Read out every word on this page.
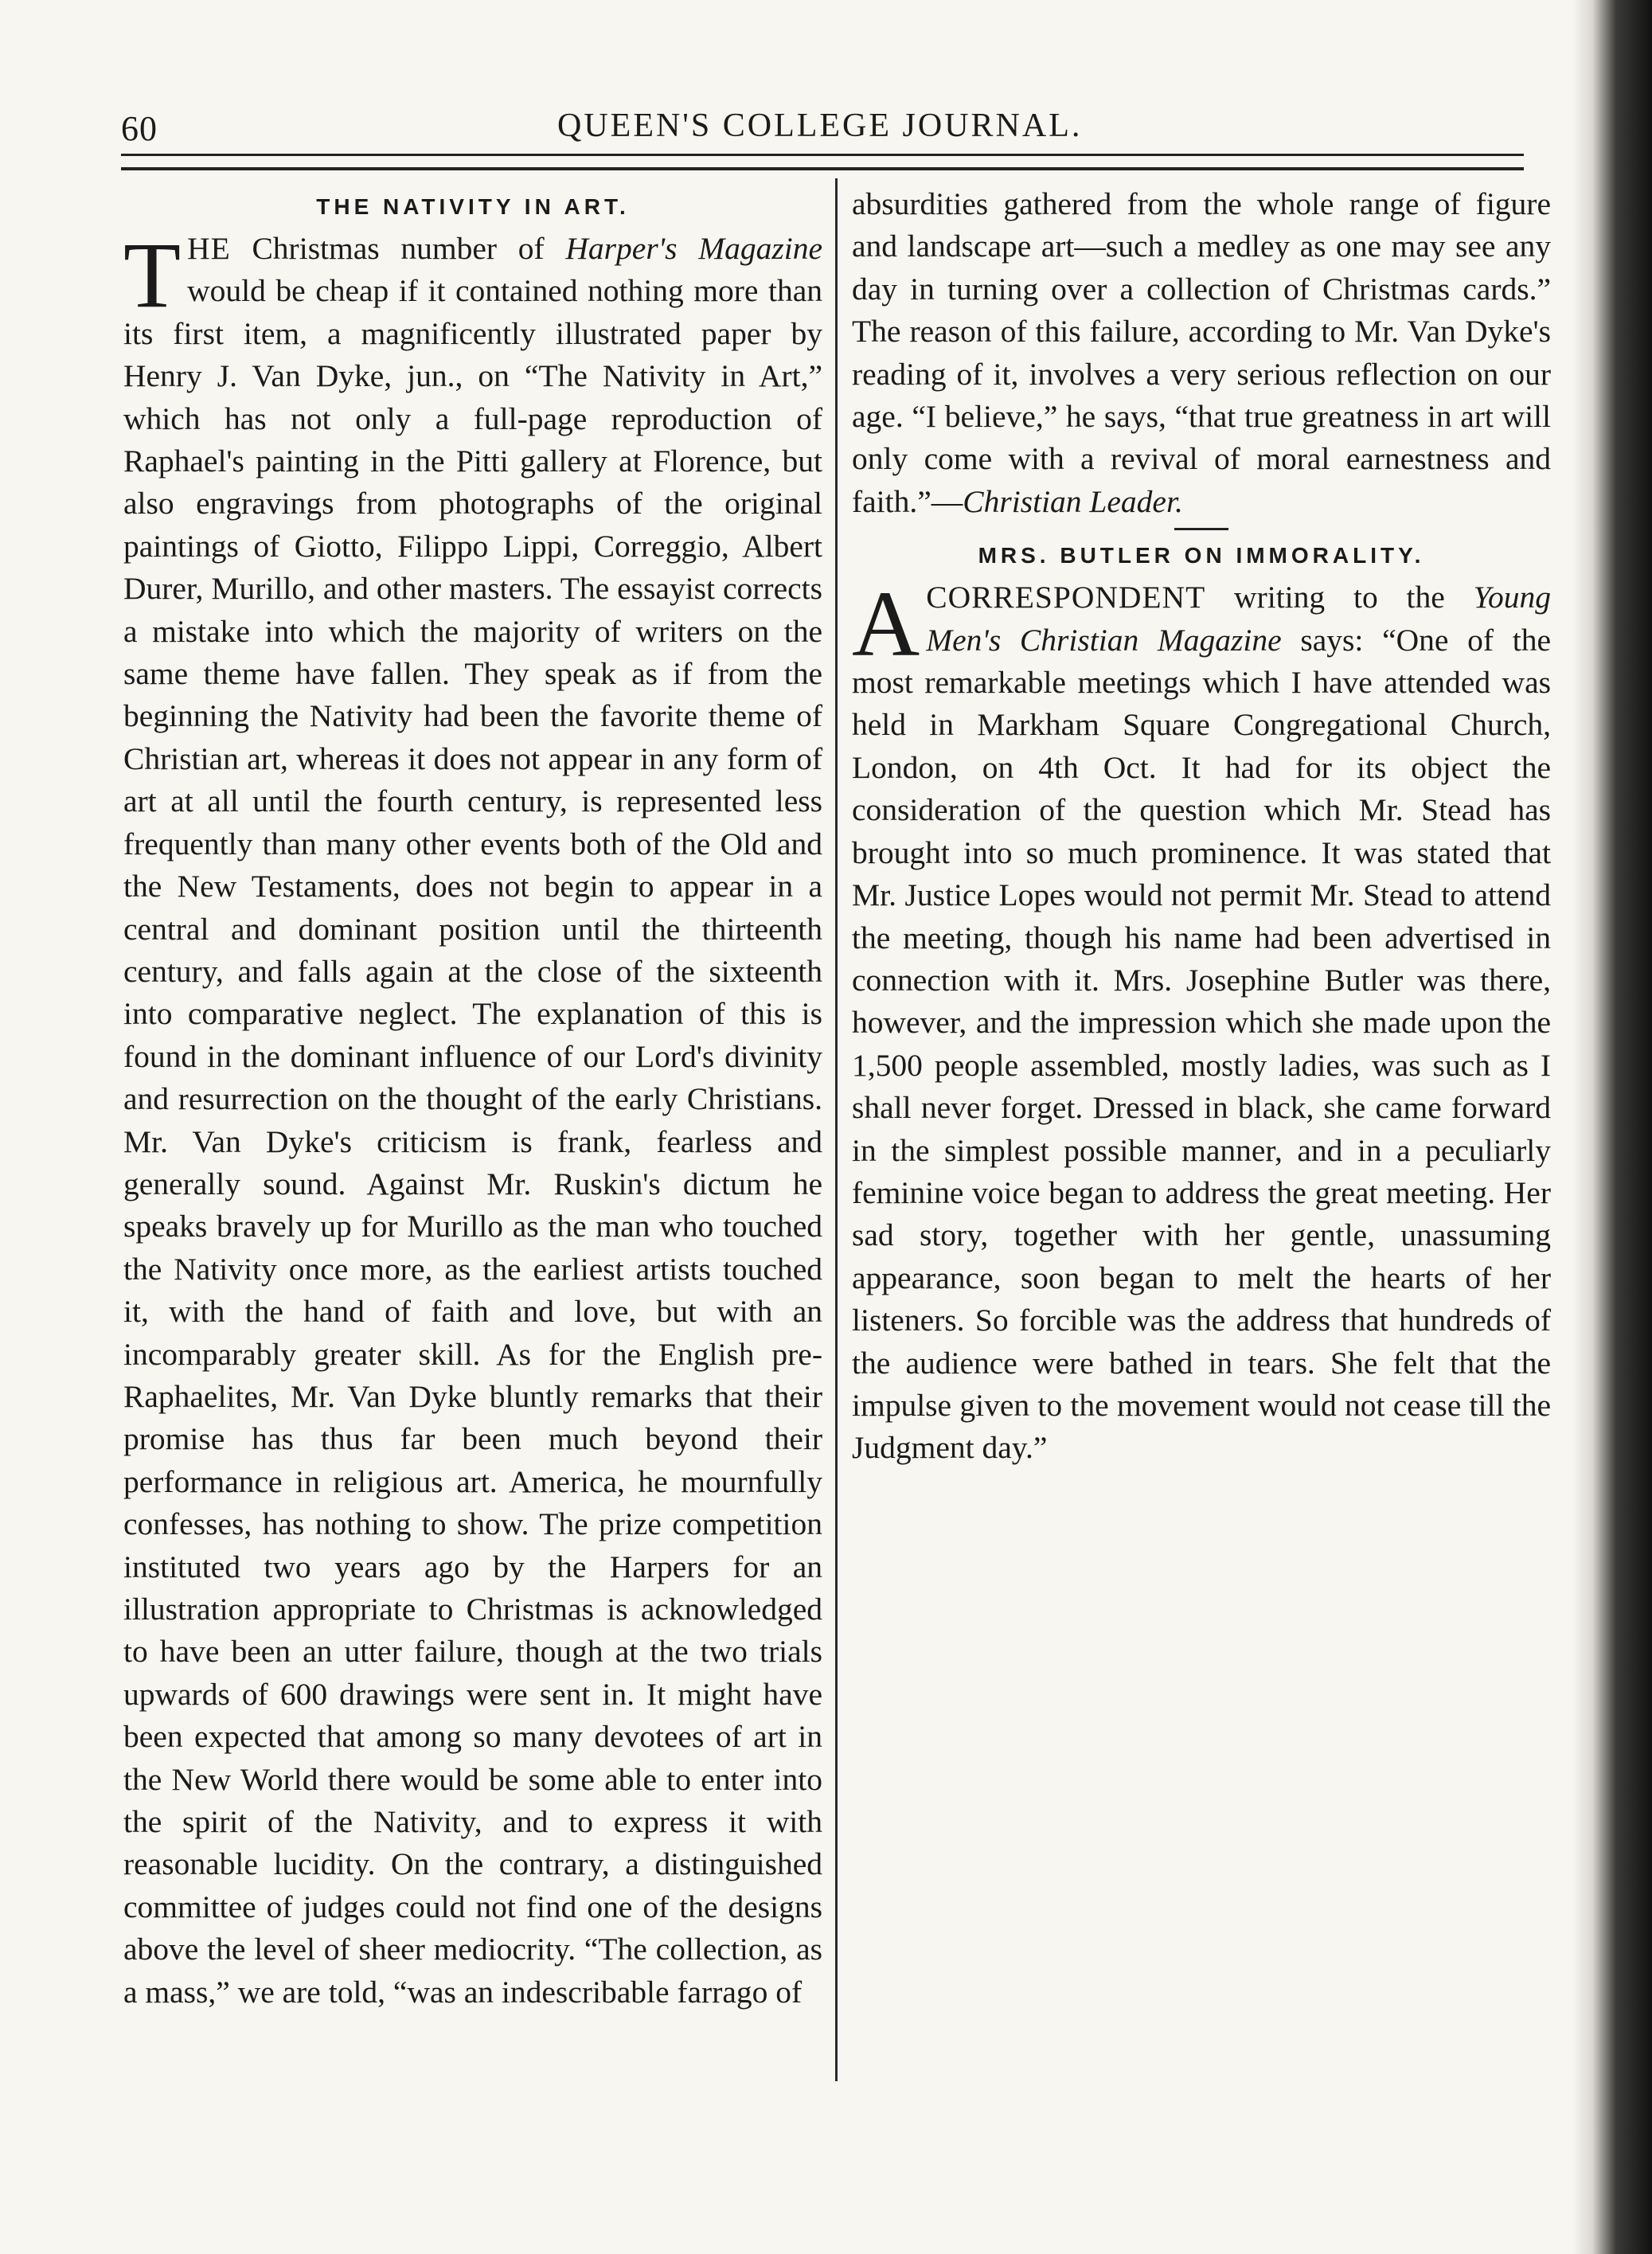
60	QUEEN'S COLLEGE JOURNAL.
THE NATIVITY IN ART.

THE Christmas number of Harper's Magazine would be cheap if it contained nothing more than its first item, a magnificently illustrated paper by Henry J. Van Dyke, jun., on “The Nativity in Art,” which has not only a full-page reproduction of Raphael's painting in the Pitti gallery at Florence, but also engravings from photographs of the original paintings of Giotto, Filippo Lippi, Correggio, Albert Durer, Murillo, and other masters. The essayist corrects a mistake into which the majority of writers on the same theme have fallen. They speak as if from the beginning the Nativity had been the favorite theme of Christian art, whereas it does not appear in any form of art at all until the fourth century, is represented less frequently than many other events both of the Old and the New Testaments, does not begin to appear in a central and dominant position until the thirteenth century, and falls again at the close of the sixteenth into comparative neglect. The explanation of this is found in the dominant influence of our Lord's divinity and resurrection on the thought of the early Christians. Mr. Van Dyke's criticism is frank, fearless and generally sound. Against Mr. Ruskin's dictum he speaks bravely up for Murillo as the man who touched the Nativity once more, as the earliest artists touched it, with the hand of faith and love, but with an incomparably greater skill. As for the English pre-Raphaelites, Mr. Van Dyke bluntly remarks that their promise has thus far been much beyond their performance in religious art. America, he mournfully confesses, has nothing to show. The prize competition instituted two years ago by the Harpers for an illustration appropriate to Christmas is acknowledged to have been an utter failure, though at the two trials upwards of 600 drawings were sent in. It might have been expected that among so many devotees of art in the New World there would be some able to enter into the spirit of the Nativity, and to express it with reasonable lucidity. On the contrary, a distinguished committee of judges could not find one of the designs above the level of sheer mediocrity. “The collection, as a mass,” we are told, “was an indescribable farrago of

absurdities gathered from the whole range of figure and landscape art—such a medley as one may see any day in turning over a collection of Christmas cards.” The reason of this failure, according to Mr. Van Dyke's reading of it, involves a very serious reflection on our age. “I believe,” he says, “that true greatness in art will only come with a revival of moral earnestness and faith.”—Christian Leader.

MRS. BUTLER ON IMMORALITY.

ACORRESPONDENT writing to the Young Men's Christian Magazine says: “One of the most remarkable meetings which I have attended was held in Markham Square Congregational Church, London, on 4th Oct. It had for its object the consideration of the question which Mr. Stead has brought into so much prominence. It was stated that Mr. Justice Lopes would not permit Mr. Stead to attend the meeting, though his name had been advertised in connection with it. Mrs. Josephine Butler was there, however, and the impression which she made upon the 1,500 people assembled, mostly ladies, was such as I shall never forget. Dressed in black, she came forward in the simplest possible manner, and in a peculiarly feminine voice began to address the great meeting. Her sad story, together with her gentle, unassuming appearance, soon began to melt the hearts of her listeners. So forcible was the address that hundreds of the audience were bathed in tears. She felt that the impulse given to the movement would not cease till the Judgment day.”
